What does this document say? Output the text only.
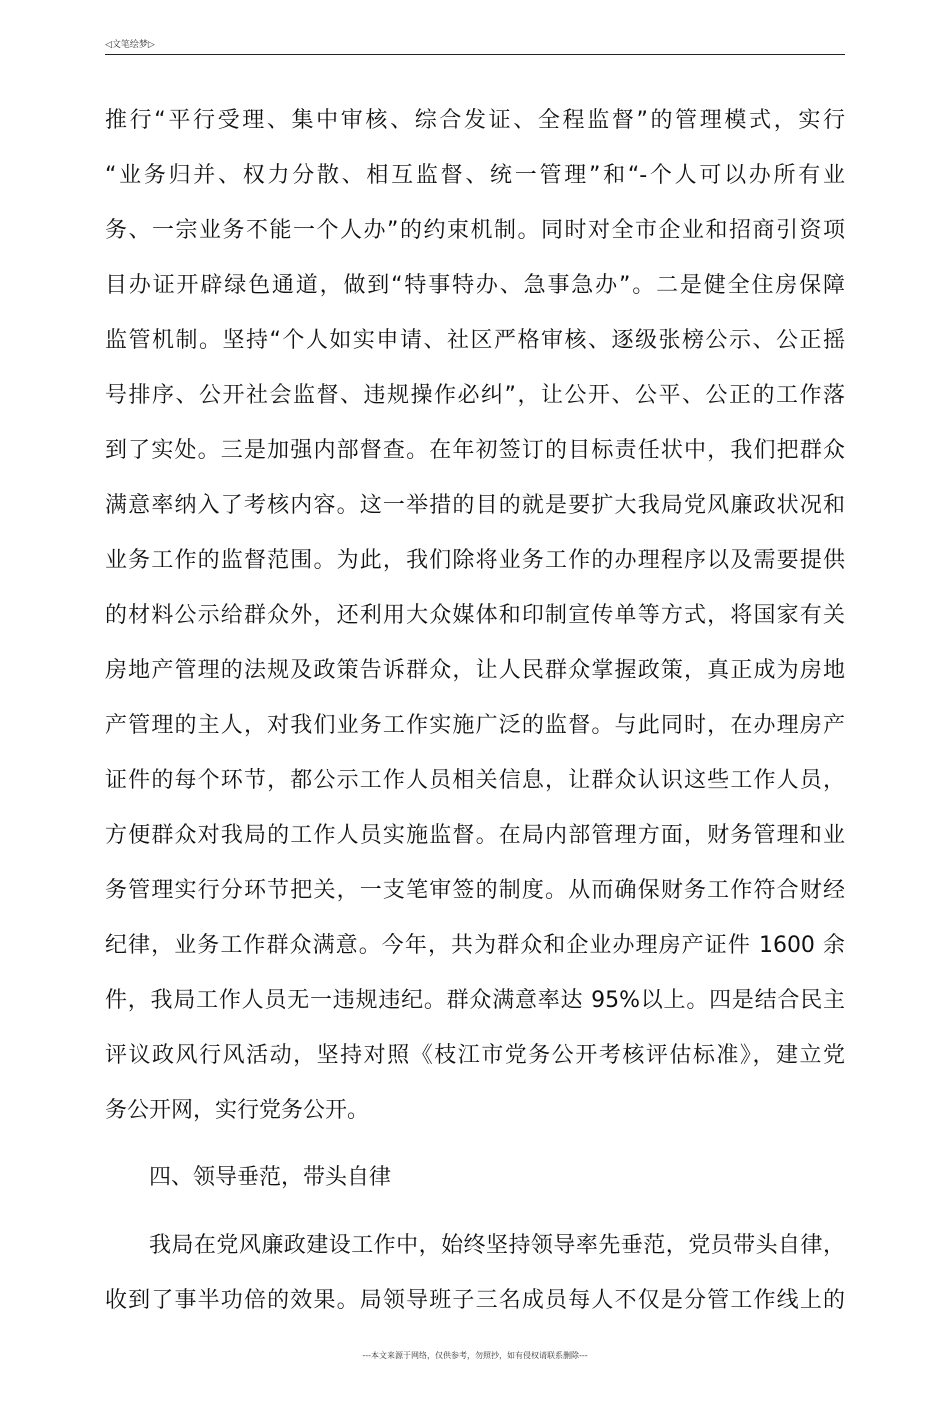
◁文笔绘梦▷
推行“平行受理、集中审核、综合发证、全程监督”的管理模式，实行
“业务归并、权力分散、相互监督、统一管理”和“-个人可以办所有业
务、一宗业务不能一个人办”的约束机制。同时对全市企业和招商引资项
目办证开辟绿色通道，做到“特事特办、急事急办”。二是健全住房保障
监管机制。坚持“个人如实申请、社区严格审核、逐级张榜公示、公正摇
号排序、公开社会监督、违规操作必纠”，让公开、公平、公正的工作落
到了实处。三是加强内部督查。在年初签订的目标责任状中，我们把群众
满意率纳入了考核内容。这一举措的目的就是要扩大我局党风廉政状况和
业务工作的监督范围。为此，我们除将业务工作的办理程序以及需要提供
的材料公示给群众外，还利用大众媒体和印制宣传单等方式，将国家有关
房地产管理的法规及政策告诉群众，让人民群众掌握政策，真正成为房地
产管理的主人，对我们业务工作实施广泛的监督。与此同时，在办理房产
证件的每个环节，都公示工作人员相关信息，让群众认识这些工作人员，
方便群众对我局的工作人员实施监督。在局内部管理方面，财务管理和业
务管理实行分环节把关，一支笔审签的制度。从而确保财务工作符合财经
纪律，业务工作群众满意。今年，共为群众和企业办理房产证件 1600 余
件，我局工作人员无一违规违纪。群众满意率达 95%以上。四是结合民主
评议政风行风活动，坚持对照《枝江市党务公开考核评估标准》，建立党
务公开网，实行党务公开。
四、领导垂范，带头自律
我局在党风廉政建设工作中，始终坚持领导率先垂范，党员带头自律，
收到了事半功倍的效果。局领导班子三名成员每人不仅是分管工作线上的
---本文来源于网络，仅供参考，勿照抄，如有侵权请联系删除---
